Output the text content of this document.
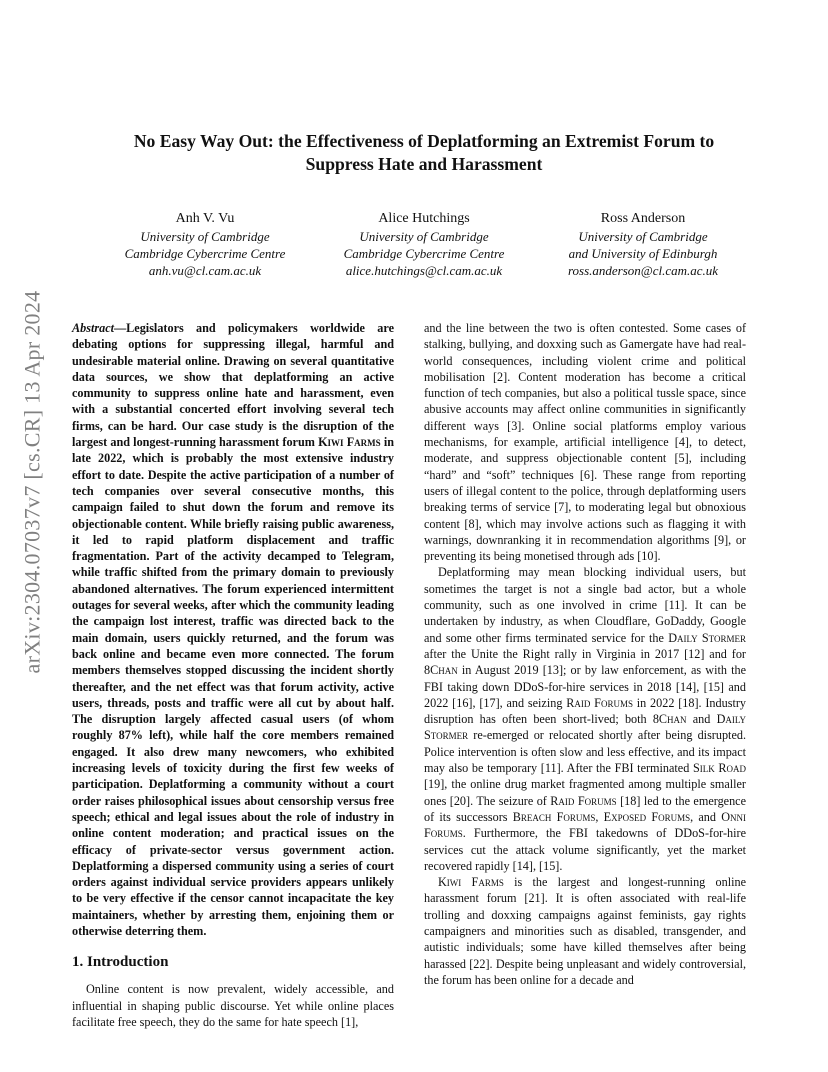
arXiv:2304.07037v7 [cs.CR] 13 Apr 2024
No Easy Way Out: the Effectiveness of Deplatforming an Extremist Forum to Suppress Hate and Harassment
Anh V. Vu
University of Cambridge
Cambridge Cybercrime Centre
anh.vu@cl.cam.ac.uk
Alice Hutchings
University of Cambridge
Cambridge Cybercrime Centre
alice.hutchings@cl.cam.ac.uk
Ross Anderson
University of Cambridge
and University of Edinburgh
ross.anderson@cl.cam.ac.uk

Abstract—Legislators and policymakers worldwide are debating options for suppressing illegal, harmful and undesirable material online. Drawing on several quantitative data sources, we show that deplatforming an active community to suppress online hate and harassment, even with a substantial concerted effort involving several tech firms, can be hard. Our case study is the disruption of the largest and longest-running harassment forum Kiwi Farms in late 2022, which is probably the most extensive industry effort to date. Despite the active participation of a number of tech companies over several consecutive months, this campaign failed to shut down the forum and remove its objectionable content. While briefly raising public awareness, it led to rapid platform displacement and traffic fragmentation. Part of the activity decamped to Telegram, while traffic shifted from the primary domain to previously abandoned alternatives. The forum experienced intermittent outages for several weeks, after which the community leading the campaign lost interest, traffic was directed back to the main domain, users quickly returned, and the forum was back online and became even more connected. The forum members themselves stopped discussing the incident shortly thereafter, and the net effect was that forum activity, active users, threads, posts and traffic were all cut by about half. The disruption largely affected casual users (of whom roughly 87% left), while half the core members remained engaged. It also drew many newcomers, who exhibited increasing levels of toxicity during the first few weeks of participation. Deplatforming a community without a court order raises philosophical issues about censorship versus free speech; ethical and legal issues about the role of industry in online content moderation; and practical issues on the efficacy of private-sector versus government action. Deplatforming a dispersed community using a series of court orders against individual service providers appears unlikely to be very effective if the censor cannot incapacitate the key maintainers, whether by arresting them, enjoining them or otherwise deterring them.

1. Introduction

Online content is now prevalent, widely accessible, and influential in shaping public discourse. Yet while online places facilitate free speech, they do the same for hate speech [1],

and the line between the two is often contested. Some cases of stalking, bullying, and doxxing such as Gamergate have had real-world consequences, including violent crime and political mobilisation [2]. Content moderation has become a critical function of tech companies, but also a political tussle space, since abusive accounts may affect online communities in significantly different ways [3]. Online social platforms employ various mechanisms, for example, artificial intelligence [4], to detect, moderate, and suppress objectionable content [5], including “hard” and “soft” techniques [6]. These range from reporting users of illegal content to the police, through deplatforming users breaking terms of service [7], to moderating legal but obnoxious content [8], which may involve actions such as flagging it with warnings, downranking it in recommendation algorithms [9], or preventing its being monetised through ads [10].

Deplatforming may mean blocking individual users, but sometimes the target is not a single bad actor, but a whole community, such as one involved in crime [11]. It can be undertaken by industry, as when Cloudflare, GoDaddy, Google and some other firms terminated service for the Daily Stormer after the Unite the Right rally in Virginia in 2017 [12] and for 8Chan in August 2019 [13]; or by law enforcement, as with the FBI taking down DDoS-for-hire services in 2018 [14], [15] and 2022 [16], [17], and seizing Raid Forums in 2022 [18]. Industry disruption has often been short-lived; both 8Chan and Daily Stormer re-emerged or relocated shortly after being disrupted. Police intervention is often slow and less effective, and its impact may also be temporary [11]. After the FBI terminated Silk Road [19], the online drug market fragmented among multiple smaller ones [20]. The seizure of Raid Forums [18] led to the emergence of its successors Breach Forums, Exposed Forums, and Onni Forums. Furthermore, the FBI takedowns of DDoS-for-hire services cut the attack volume significantly, yet the market recovered rapidly [14], [15].

Kiwi Farms is the largest and longest-running online harassment forum [21]. It is often associated with real-life trolling and doxxing campaigns against feminists, gay rights campaigners and minorities such as disabled, transgender, and autistic individuals; some have killed themselves after being harassed [22]. Despite being unpleasant and widely controversial, the forum has been online for a decade and
